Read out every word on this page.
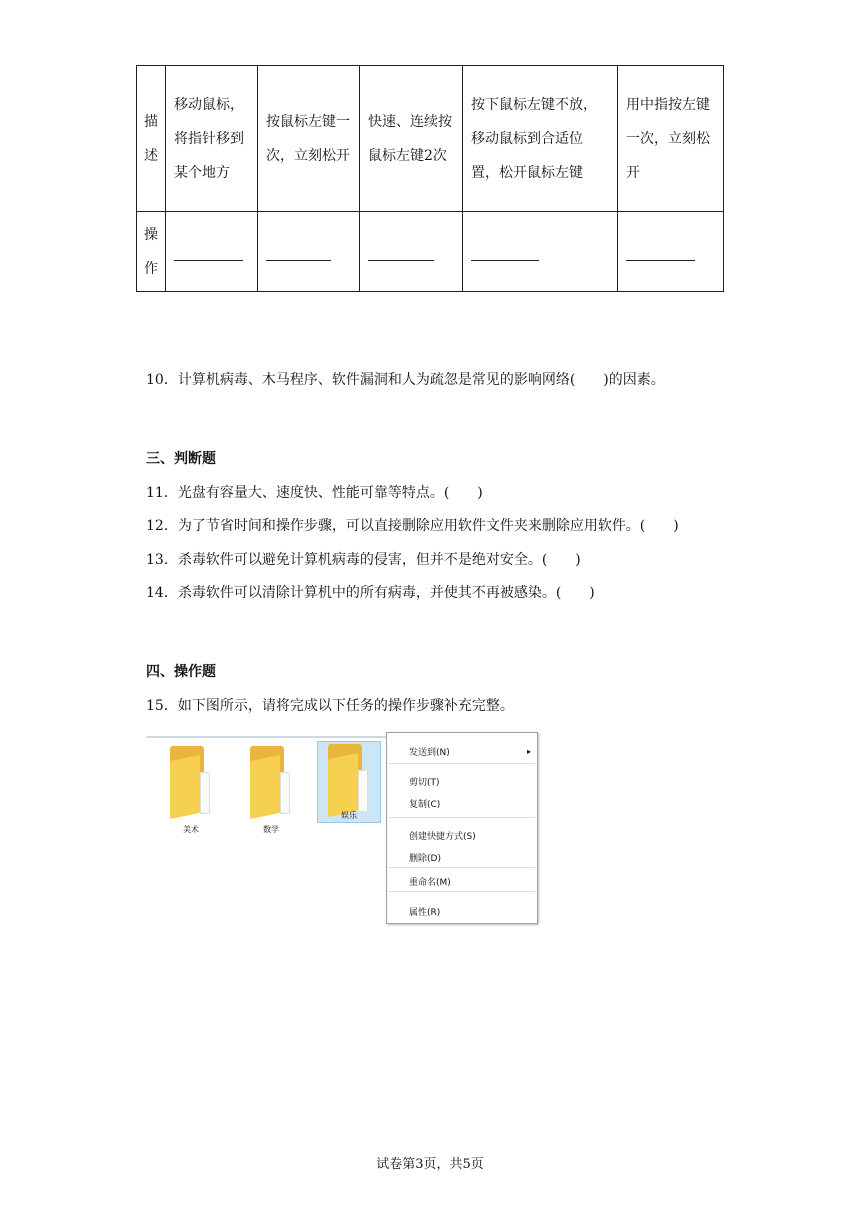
描述	移动鼠标，将指针移到某个地方	按鼠标左键一次，立刻松开	快速、连续按鼠标左键2次	按下鼠标左键不放，移动鼠标到合适位置，松开鼠标左键	用中指按左键一次，立刻松开
操作	

10．计算机病毒、木马程序、软件漏洞和人为疏忽是常见的影响网络(　　)的因素。
三、判断题
11．光盘有容量大、速度快、性能可靠等特点。(　　)
12．为了节省时间和操作步骤，可以直接删除应用软件文件夹来删除应用软件。(　　)
13．杀毒软件可以避免计算机病毒的侵害，但并不是绝对安全。(　　)
14．杀毒软件可以清除计算机中的所有病毒，并使其不再被感染。(　　)
四、操作题
15．如下图所示，请将完成以下任务的操作步骤补充完整。
美术	数学
娱乐
发送到(N)	▸
剪切(T)
复制(C)
创建快捷方式(S)
删除(D)
重命名(M)
属性(R)
试卷第3页，共5页
